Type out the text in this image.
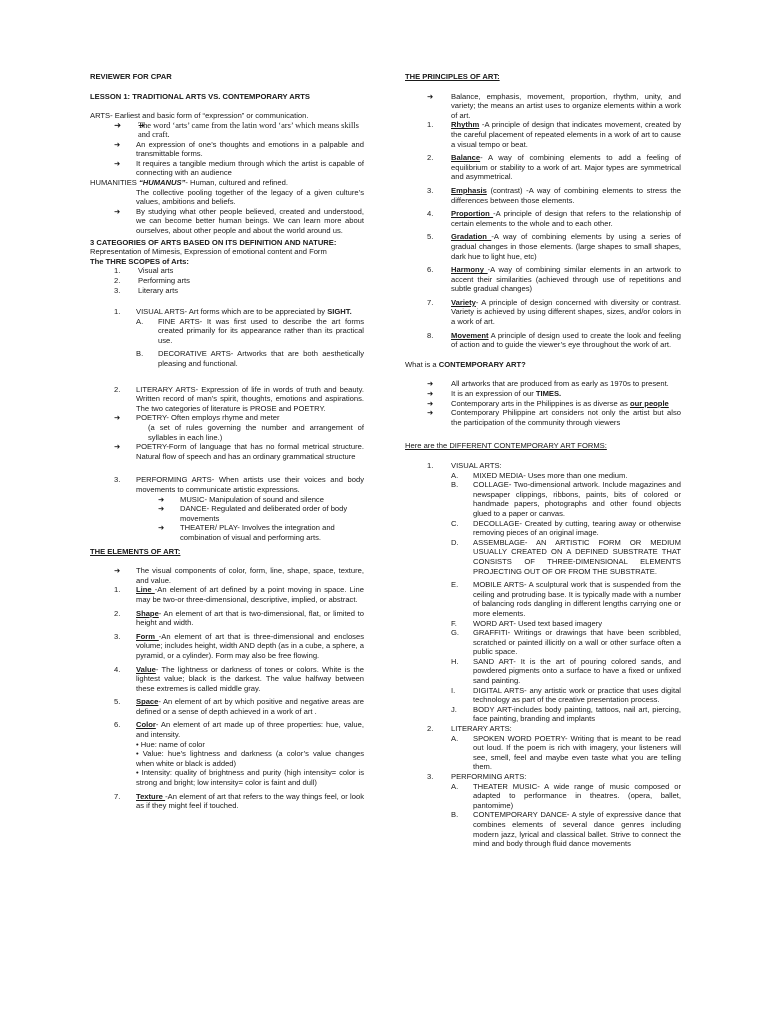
REVIEWER FOR CPAR
LESSON 1: TRADITIONAL ARTS VS. CONTEMPORARY ARTS
ARTS- Earliest and basic form of “expression” or communication.
➜ ➜ The word ‘arts’ came from the latin word ‘ars’ which means skills and craft.
➜ An expression of one’s thoughts and emotions in a palpable and transmittable forms.
➜ It requires a tangible medium through which the artist is capable of connecting with an audience
HUMANITIES “HUMANUS”- Human, cultured and refined.
The collective pooling together of the legacy of a given culture’s values, ambitions and beliefs.
➜ By studying what other people believed, created and understood, we can become better human beings. We can learn more about ourselves, about other people and about the world around us.
3 CATEGORIES OF ARTS BASED ON ITS DEFINITION AND NATURE:
Representation of Mimesis, Expression of emotional content and Form
The THRE SCOPES of Arts:
1. Visual arts
2. Performing arts
3. Literary arts
1. VISUAL ARTS- Art forms which are to be appreciated by SIGHT.
A. FINE ARTS- It was first used to describe the art forms created primarily for its appearance rather than its practical use.
B. DECORATIVE ARTS- Artworks that are both aesthetically pleasing and functional.
2. LITERARY ARTS- Expression of life in words of truth and beauty. Written record of man’s spirit, thoughts, emotions and aspirations. The two categories of literature is PROSE and POETRY.
➜ POETRY- Often employs rhyme and meter
(a set of rules governing the number and arrangement of syllables in each line.)
➜ POETRY-Form of language that has no formal metrical structure. Natural flow of speech and has an ordinary grammatical structure
3. PERFORMING ARTS- When artists use their voices and body movements to communicate artistic expressions.
➜ MUSIC- Manipulation of sound and silence
➜ DANCE- Regulated and deliberated order of body movements
➜ THEATER/ PLAY- Involves the integration and combination of visual and performing arts.
THE ELEMENTS OF ART:
➜ The visual components of color, form, line, shape, space, texture, and value.
1. Line -An element of art defined by a point moving in space. Line may be two-or three-dimensional, descriptive, implied, or abstract.
2. Shape- An element of art that is two-dimensional, flat, or limited to height and width.
3. Form -An element of art that is three-dimensional and encloses volume; includes height, width AND depth (as in a cube, a sphere, a pyramid, or a cylinder). Form may also be free flowing.
4. Value- The lightness or darkness of tones or colors. White is the lightest value; black is the darkest. The value halfway between these extremes is called middle gray.
5. Space- An element of art by which positive and negative areas are defined or a sense of depth achieved in a work of art .
6. Color- An element of art made up of three properties: hue, value, and intensity.
• Hue: name of color
• Value: hue’s lightness and darkness (a color’s value changes when white or black is added)
• Intensity: quality of brightness and purity (high intensity= color is strong and bright; low intensity= color is faint and dull)
7. Texture -An element of art that refers to the way things feel, or look as if they might feel if touched.
THE PRINCIPLES OF ART:
➜ Balance, emphasis, movement, proportion, rhythm, unity, and variety; the means an artist uses to organize elements within a work of art.
1. Rhythm -A principle of design that indicates movement, created by the careful placement of repeated elements in a work of art to cause a visual tempo or beat.
2. Balance- A way of combining elements to add a feeling of equilibrium or stability to a work of art. Major types are symmetrical and asymmetrical.
3. Emphasis (contrast) -A way of combining elements to stress the differences between those elements.
4. Proportion -A principle of design that refers to the relationship of certain elements to the whole and to each other.
5. Gradation -A way of combining elements by using a series of gradual changes in those elements. (large shapes to small shapes, dark hue to light hue, etc)
6. Harmony -A way of combining similar elements in an artwork to accent their similarities (achieved through use of repetitions and subtle gradual changes)
7. Variety- A principle of design concerned with diversity or contrast. Variety is achieved by using different shapes, sizes, and/or colors in a work of art.
8. Movement A principle of design used to create the look and feeling of action and to guide the viewer’s eye throughout the work of art.
What is a CONTEMPORARY ART?
➜ All artworks that are produced from as early as 1970s to present.
➜ It is an expression of our TIMES.
➜ Contemporary arts in the Philippines is as diverse as our people
➜ Contemporary Philippine art considers not only the artist but also the participation of the community through viewers
Here are the DIFFERENT CONTEMPORARY ART FORMS:
1. VISUAL ARTS:
A. MIXED MEDIA- Uses more than one medium.
B. COLLAGE- Two-dimensional artwork. Include magazines and newspaper clippings, ribbons, paints, bits of colored or handmade papers, photographs and other found objects glued to a paper or canvas.
C. DECOLLAGE- Created by cutting, tearing away or otherwise removing pieces of an original image.
D. ASSEMBLAGE- AN ARTISTIC FORM OR MEDIUM USUALLY CREATED ON A DEFINED SUBSTRATE THAT CONSISTS OF THREE-DIMENSIONAL ELEMENTS PROJECTING OUT OF OR FROM THE SUBSTRATE.
E. MOBILE ARTS- A sculptural work that is suspended from the ceiling and protruding base. It is typically made with a number of balancing rods dangling in different lengths carrying one or more elements.
F. WORD ART- Used text based imagery
G. GRAFFITI- Writings or drawings that have been scribbled, scratched or painted illicitly on a wall or other surface often a public space.
H. SAND ART- It is the art of pouring colored sands, and powdered pigments onto a surface to have a fixed or unfixed sand painting.
I. DIGITAL ARTS- any artistic work or practice that uses digital technology as part of the creative presentation process.
J. BODY ART-includes body painting, tattoos, nail art, piercing, face painting, branding and implants
2. LITERARY ARTS:
A. SPOKEN WORD POETRY- Writing that is meant to be read out loud. If the poem is rich with imagery, your listeners will see, smell, feel and maybe even taste what you are telling them.
3. PERFORMING ARTS:
A. THEATER MUSIC- A wide range of music composed or adapted to performance in theatres. (opera, ballet, pantomime)
B. CONTEMPORARY DANCE- A style of expressive dance that combines elements of several dance genres including modern jazz, lyrical and classical ballet. Strive to connect the mind and body through fluid dance movements
